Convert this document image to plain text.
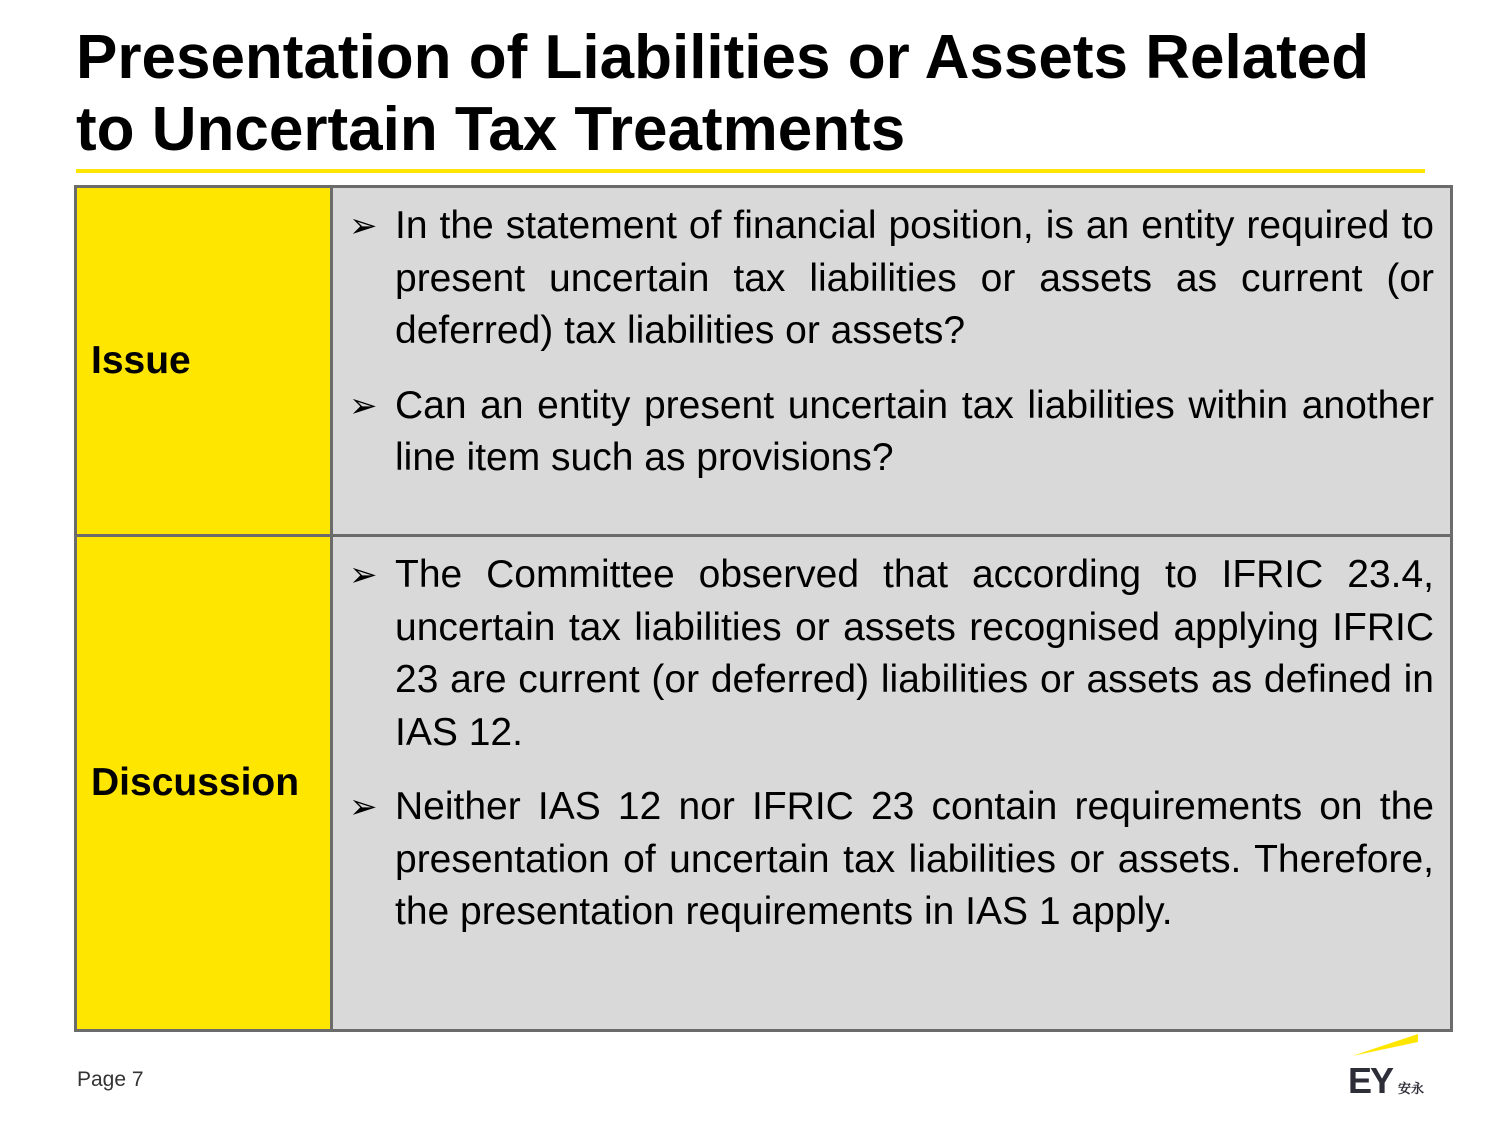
Presentation of Liabilities or Assets Related
to Uncertain Tax Treatments
Issue
➢ In the statement of financial position, is an entity required to present uncertain tax liabilities or assets as current (or deferred) tax liabilities or assets?
➢ Can an entity present uncertain tax liabilities within another line item such as provisions?
Discussion
➢ The Committee observed that according to IFRIC 23.4, uncertain tax liabilities or assets recognised applying IFRIC 23 are current (or deferred) liabilities or assets as defined in IAS 12.
➢ Neither IAS 12 nor IFRIC 23 contain requirements on the presentation of uncertain tax liabilities or assets. Therefore, the presentation requirements in IAS 1 apply.
Page 7	EY 安永
